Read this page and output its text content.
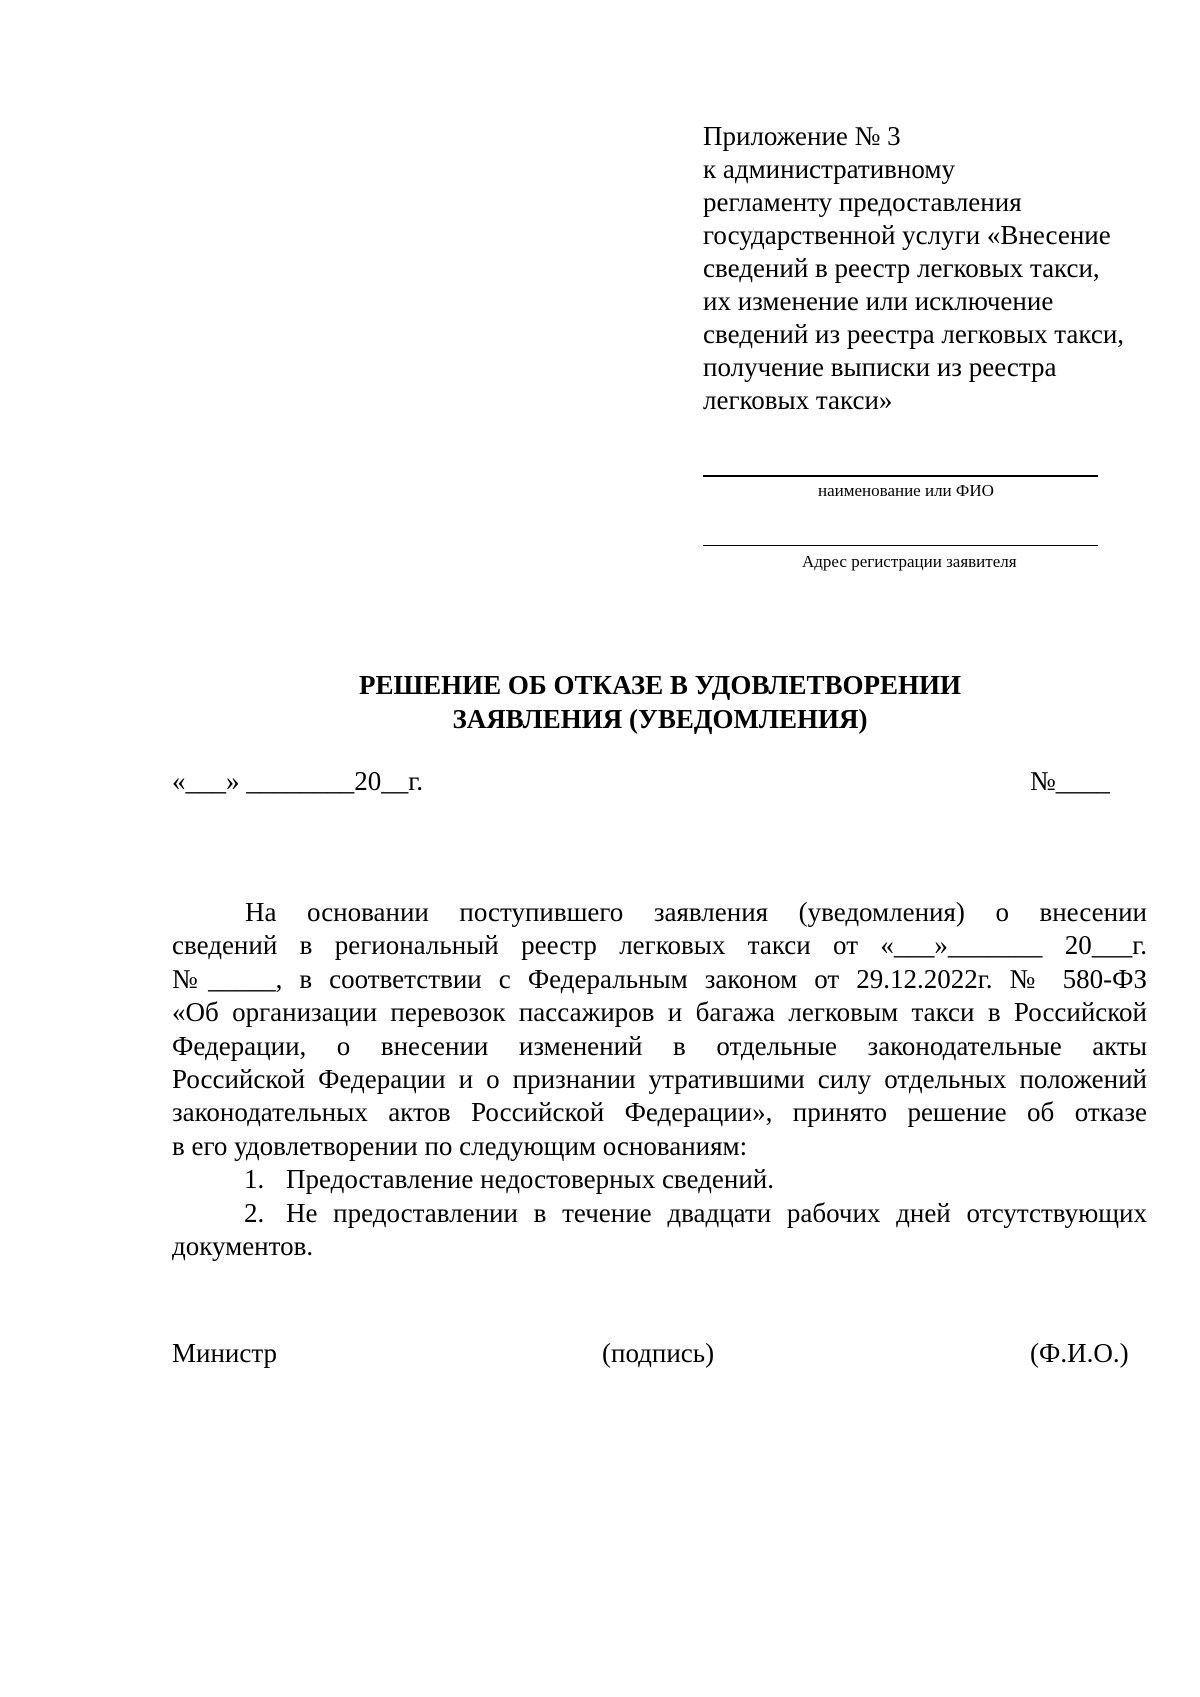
Приложение № 3
к административному
регламенту предоставления
государственной услуги «Внесение
сведений в реестр легковых такси,
их изменение или исключение
сведений из реестра легковых такси,
получение выписки из реестра
легковых такси»
наименование или ФИО
Адрес регистрации заявителя
РЕШЕНИЕ ОБ ОТКАЗЕ В УДОВЛЕТВОРЕНИИ
ЗАЯВЛЕНИЯ (УВЕДОМЛЕНИЯ)
«___» ________20__г.	№____
На основании поступившего заявления (уведомления) о внесении
сведений в региональный реестр легковых такси от «___»_______ 20___г.
№_____, в соответствии с Федеральным законом от 29.12.2022г. № 580-ФЗ
«Об организации перевозок пассажиров и багажа легковым такси в Российской
Федерации, о внесении изменений в отдельные законодательные акты
Российской Федерации и о признании утратившими силу отдельных положений
законодательных актов Российской Федерации», принято решение об отказе
в его удовлетворении по следующим основаниям:
1. Предоставление недостоверных сведений.
2. Не предоставлении в течение двадцати рабочих дней отсутствующих
документов.
Министр	(подпись)	(Ф.И.О.)
